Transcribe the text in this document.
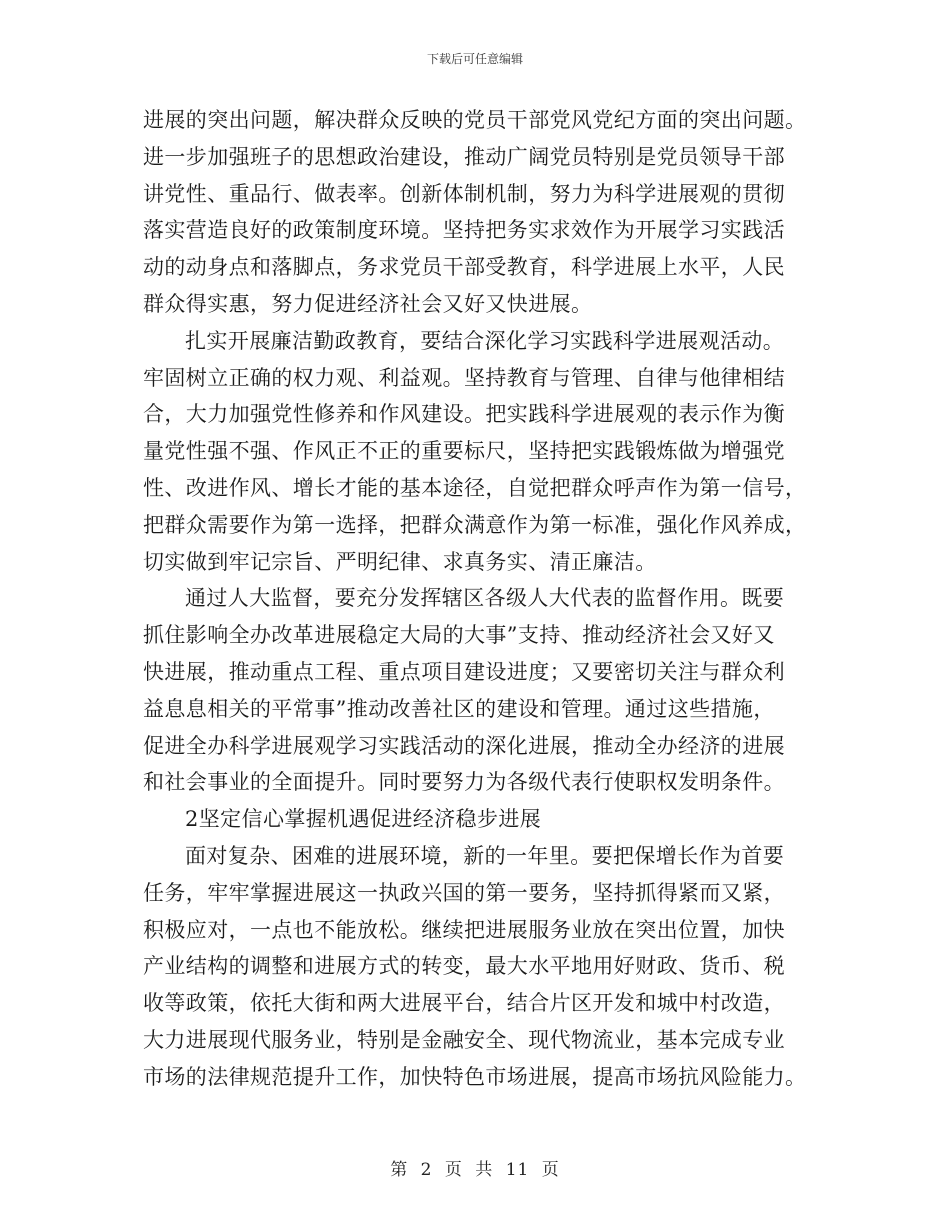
下载后可任意编辑

进展的突出问题，解决群众反映的党员干部党风党纪方面的突出问题。
进一步加强班子的思想政治建设，推动广阔党员特别是党员领导干部
讲党性、重品行、做表率。创新体制机制，努力为科学进展观的贯彻
落实营造良好的政策制度环境。坚持把务实求效作为开展学习实践活
动的动身点和落脚点，务求党员干部受教育，科学进展上水平，人民
群众得实惠，努力促进经济社会又好又快进展。

扎实开展廉洁勤政教育，要结合深化学习实践科学进展观活动。
牢固树立正确的权力观、利益观。坚持教育与管理、自律与他律相结
合，大力加强党性修养和作风建设。把实践科学进展观的表示作为衡
量党性强不强、作风正不正的重要标尺，坚持把实践锻炼做为增强党
性、改进作风、增长才能的基本途径，自觉把群众呼声作为第一信号，
把群众需要作为第一选择，把群众满意作为第一标准，强化作风养成，
切实做到牢记宗旨、严明纪律、求真务实、清正廉洁。

通过人大监督，要充分发挥辖区各级人大代表的监督作用。既要
抓住影响全办改革进展稳定大局的大事”支持、推动经济社会又好又
快进展，推动重点工程、重点项目建设进度；又要密切关注与群众利
益息息相关的平常事”推动改善社区的建设和管理。通过这些措施，
促进全办科学进展观学习实践活动的深化进展，推动全办经济的进展
和社会事业的全面提升。同时要努力为各级代表行使职权发明条件。

2坚定信心掌握机遇促进经济稳步进展

面对复杂、困难的进展环境，新的一年里。要把保增长作为首要
任务，牢牢掌握进展这一执政兴国的第一要务，坚持抓得紧而又紧，
积极应对，一点也不能放松。继续把进展服务业放在突出位置，加快
产业结构的调整和进展方式的转变，最大水平地用好财政、货币、税
收等政策，依托大街和两大进展平台，结合片区开发和城中村改造，
大力进展现代服务业，特别是金融安全、现代物流业，基本完成专业
市场的法律规范提升工作，加快特色市场进展，提高市场抗风险能力。

第 2 页 共 11 页
